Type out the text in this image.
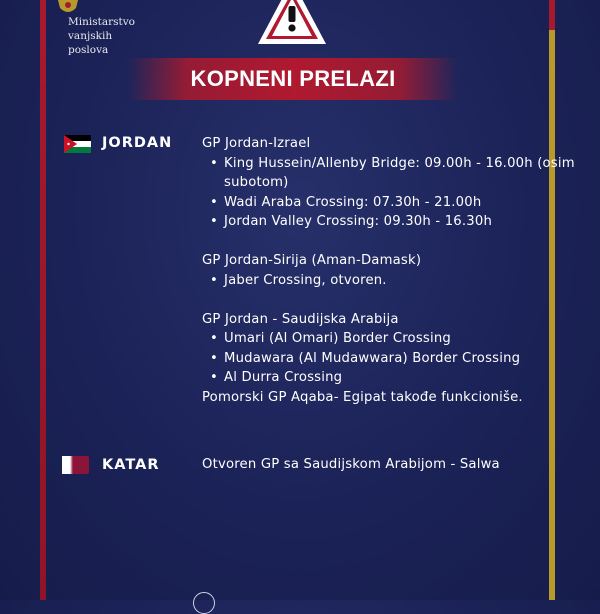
Ministarstvo
vanjskih
poslova
KOPNENI PRELAZI
JORDAN GP Jordan-Izrael

• King Hussein/Allenby Bridge: 09.00h - 16.00h (osim subotom)
• Wadi Araba Crossing: 07.30h - 21.00h
• Jordan Valley Crossing: 09.30h - 16.30h

GP Jordan-Sirija (Aman-Damask)

• Jaber Crossing, otvoren.

GP Jordan - Saudijska Arabija

• Umari (Al Omari) Border Crossing
• Mudawara (Al Mudawwara) Border Crossing
• Al Durra Crossing

Pomorski GP Aqaba- Egipat takođe funkcioniše.

KATAR	Otvoren GP sa Saudijskom Arabijom - Salwa
